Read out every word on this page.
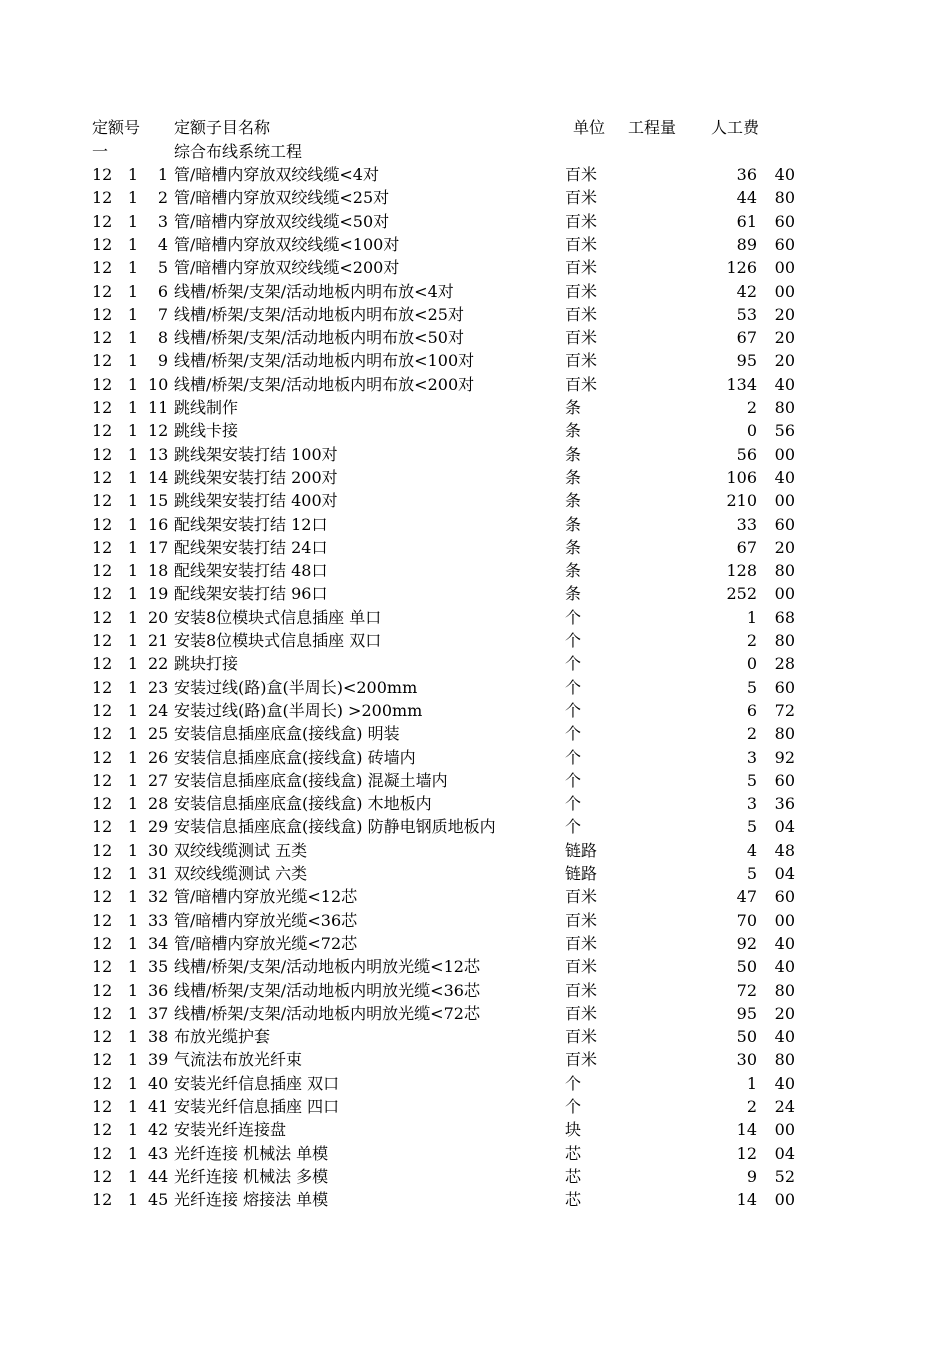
定额号 定额子目名称	单位 工程量 人工费
一	综合布线系统工程
12 1	1 管/暗槽内穿放双绞线缆<4对	百米	36 40
12 1	2 管/暗槽内穿放双绞线缆<25对	百米	44 80
12 1	3 管/暗槽内穿放双绞线缆<50对	百米	61 60
12 1	4 管/暗槽内穿放双绞线缆<100对	百米	89 60
12 1	5 管/暗槽内穿放双绞线缆<200对	百米	126 00
12 1	6 线槽/桥架/支架/活动地板内明布放<4对	百米	42 00
12 1	7 线槽/桥架/支架/活动地板内明布放<25对	百米	53 20
12 1	8 线槽/桥架/支架/活动地板内明布放<50对	百米	67 20
12 1	9 线槽/桥架/支架/活动地板内明布放<100对	百米	95 20
12 1 10 线槽/桥架/支架/活动地板内明布放<200对	百米	134 40
12 1 11 跳线制作	条	2 80
12 1 12 跳线卡接	条	0 56
12 1 13 跳线架安装打结 100对	条	56 00
12 1 14 跳线架安装打结 200对	条	106 40
12 1 15 跳线架安装打结 400对	条	210 00
12 1 16 配线架安装打结 12口	条	33 60
12 1 17 配线架安装打结 24口	条	67 20
12 1 18 配线架安装打结 48口	条	128 80
12 1 19 配线架安装打结 96口	条	252 00
12 1 20 安装8位模块式信息插座 单口	个	1 68
12 1 21 安装8位模块式信息插座 双口	个	2 80
12 1 22 跳块打接	个	0 28
12 1 23 安装过线(路)盒(半周长)<200mm	个	5 60
12 1 24 安装过线(路)盒(半周长) >200mm	个	6 72
12 1 25 安装信息插座底盒(接线盒) 明装	个	2 80
12 1 26 安装信息插座底盒(接线盒) 砖墙内	个	3 92
12 1 27 安装信息插座底盒(接线盒) 混凝土墙内	个	5 60
12 1 28 安装信息插座底盒(接线盒) 木地板内	个	3 36
12 1 29 安装信息插座底盒(接线盒) 防静电钢质地板内	个	5 04
12 1 30 双绞线缆测试 五类	链路	4 48
12 1 31 双绞线缆测试 六类	链路	5 04
12 1 32 管/暗槽内穿放光缆<12芯	百米	47 60
12 1 33 管/暗槽内穿放光缆<36芯	百米	70 00
12 1 34 管/暗槽内穿放光缆<72芯	百米	92 40
12 1 35 线槽/桥架/支架/活动地板内明放光缆<12芯	百米	50 40
12 1 36 线槽/桥架/支架/活动地板内明放光缆<36芯	百米	72 80
12 1 37 线槽/桥架/支架/活动地板内明放光缆<72芯	百米	95 20
12 1 38 布放光缆护套	百米	50 40
12 1 39 气流法布放光纤束	百米	30 80
12 1 40 安装光纤信息插座 双口	个	1 40
12 1 41 安装光纤信息插座 四口	个	2 24
12 1 42 安装光纤连接盘	块	14 00
12 1 43 光纤连接 机械法 单模	芯	12 04
12 1 44 光纤连接 机械法 多模	芯	9 52
12 1 45 光纤连接 熔接法 单模	芯	14 00
